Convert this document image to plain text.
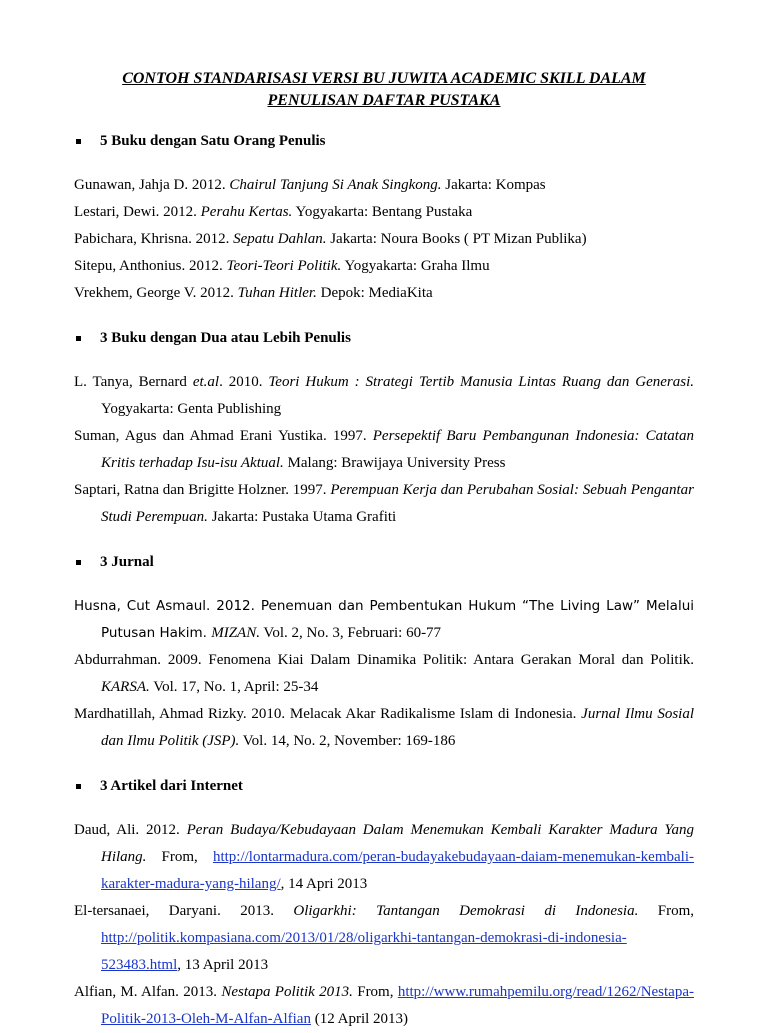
CONTOH STANDARISASI VERSI BU JUWITA ACADEMIC SKILL DALAM
PENULISAN DAFTAR PUSTAKA
5 Buku dengan Satu Orang Penulis
Gunawan, Jahja D. 2012. Chairul Tanjung Si Anak Singkong. Jakarta: Kompas
Lestari, Dewi. 2012. Perahu Kertas. Yogyakarta: Bentang Pustaka
Pabichara, Khrisna. 2012. Sepatu Dahlan. Jakarta: Noura Books ( PT Mizan Publika)
Sitepu, Anthonius. 2012. Teori-Teori Politik. Yogyakarta: Graha Ilmu
Vrekhem, George V. 2012. Tuhan Hitler. Depok: MediaKita
3 Buku dengan Dua atau Lebih Penulis
L. Tanya, Bernard et.al. 2010. Teori Hukum : Strategi Tertib Manusia Lintas Ruang dan Generasi. Yogyakarta: Genta Publishing
Suman, Agus dan Ahmad Erani Yustika. 1997. Persepektif Baru Pembangunan Indonesia: Catatan Kritis terhadap Isu-isu Aktual. Malang: Brawijaya University Press
Saptari, Ratna dan Brigitte Holzner. 1997. Perempuan Kerja dan Perubahan Sosial: Sebuah Pengantar Studi Perempuan. Jakarta: Pustaka Utama Grafiti
3 Jurnal
Husna, Cut Asmaul. 2012. Penemuan dan Pembentukan Hukum “The Living Law” Melalui Putusan Hakim. MIZAN. Vol. 2, No. 3, Februari: 60-77
Abdurrahman. 2009. Fenomena Kiai Dalam Dinamika Politik: Antara Gerakan Moral dan Politik. KARSA. Vol. 17, No. 1, April: 25-34
Mardhatillah, Ahmad Rizky. 2010. Melacak Akar Radikalisme Islam di Indonesia. Jurnal Ilmu Sosial dan Ilmu Politik (JSP). Vol. 14, No. 2, November: 169-186
3 Artikel dari Internet
Daud, Ali. 2012. Peran Budaya/Kebudayaan Dalam Menemukan Kembali Karakter Madura Yang Hilang. From, http://lontarmadura.com/peran-budayakebudayaan-daiam-menemukan-kembali-karakter-madura-yang-hilang/, 14 Apri 2013
El-tersanaei, Daryani. 2013. Oligarkhi: Tantangan Demokrasi di Indonesia. From, http://politik.kompasiana.com/2013/01/28/oligarkhi-tantangan-demokrasi-di-indonesia-523483.html, 13 April 2013
Alfian, M. Alfan. 2013. Nestapa Politik 2013. From, http://www.rumahpemilu.org/read/1262/Nestapa-Politik-2013-Oleh-M-Alfan-Alfian (12 April 2013)
